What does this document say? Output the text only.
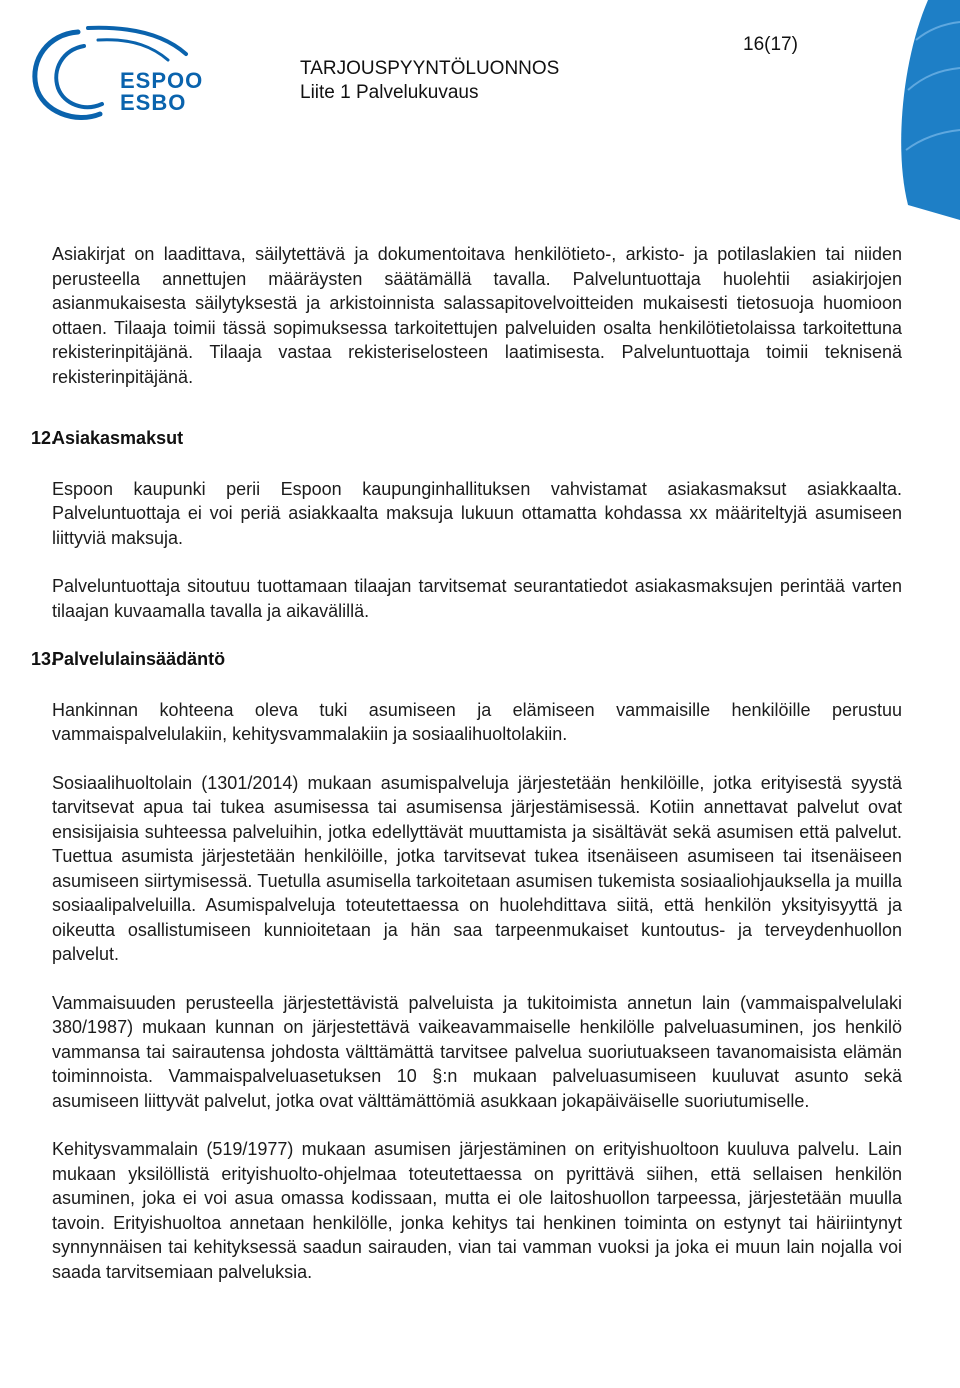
ESPOO
ESBO
TARJOUSPYYNTÖLUONNOS
Liite 1 Palvelukuvaus
16(17)

Asiakirjat on laadittava, säilytettävä ja dokumentoitava henkilötieto-, arkisto- ja potilaslakien tai niiden perusteella annettujen määräysten säätämällä tavalla. Palveluntuottaja huolehtii asiakirjojen asianmukaisesta säilytyksestä ja arkistoinnista salassapitovelvoitteiden mukaisesti tietosuoja huomioon ottaen. Tilaaja toimii tässä sopimuksessa tarkoitettujen palveluiden osalta henkilötietolaissa tarkoitettuna rekisterinpitäjänä. Tilaaja vastaa rekisteriselosteen laatimisesta. Palveluntuottaja toimii teknisenä rekisterinpitäjänä.

12.
Asiakasmaksut

Espoon kaupunki perii Espoon kaupunginhallituksen vahvistamat asiakasmaksut asiakkaalta. Palveluntuottaja ei voi periä asiakkaalta maksuja lukuun ottamatta kohdassa xx määriteltyjä asumiseen liittyviä maksuja.

Palveluntuottaja sitoutuu tuottamaan tilaajan tarvitsemat seurantatiedot asiakasmaksujen perintää varten tilaajan kuvaamalla tavalla ja aikavälillä.

13.
Palvelulainsäädäntö

Hankinnan kohteena oleva tuki asumiseen ja elämiseen vammaisille henkilöille perustuu vammaispalvelulakiin, kehitysvammalakiin ja sosiaalihuoltolakiin.

Sosiaalihuoltolain (1301/2014) mukaan asumispalveluja järjestetään henkilöille, jotka erityisestä syystä tarvitsevat apua tai tukea asumisessa tai asumisensa järjestämisessä. Kotiin annettavat palvelut ovat ensisijaisia suhteessa palveluihin, jotka edellyttävät muuttamista ja sisältävät sekä asumisen että palvelut. Tuettua asumista järjestetään henkilöille, jotka tarvitsevat tukea itsenäiseen asumiseen tai itsenäiseen asumiseen siirtymisessä. Tuetulla asumisella tarkoitetaan asumisen tukemista sosiaaliohjauksella ja muilla sosiaalipalveluilla. Asumispalveluja toteutettaessa on huolehdittava siitä, että henkilön yksityisyyttä ja oikeutta osallistumiseen kunnioitetaan ja hän saa tarpeenmukaiset kuntoutus- ja terveydenhuollon palvelut.

Vammaisuuden perusteella järjestettävistä palveluista ja tukitoimista annetun lain (vammaispalvelulaki 380/1987) mukaan kunnan on järjestettävä vaikeavammaiselle henkilölle palveluasuminen, jos henkilö vammansa tai sairautensa johdosta välttämättä tarvitsee palvelua suoriutuakseen tavanomaisista elämän toiminnoista. Vammaispalveluasetuksen 10 §:n mukaan palveluasumiseen kuuluvat asunto sekä asumiseen liittyvät palvelut, jotka ovat välttämättömiä asukkaan jokapäiväiselle suoriutumiselle.

Kehitysvammalain (519/1977) mukaan asumisen järjestäminen on erityishuoltoon kuuluva palvelu. Lain mukaan yksilöllistä erityishuolto-ohjelmaa toteutettaessa on pyrittävä siihen, että sellaisen henkilön asuminen, joka ei voi asua omassa kodissaan, mutta ei ole laitoshuollon tarpeessa, järjestetään muulla tavoin. Erityishuoltoa annetaan henkilölle, jonka kehitys tai henkinen toiminta on estynyt tai häiriintynyt synnynnäisen tai kehityksessä saadun sairauden, vian tai vamman vuoksi ja joka ei muun lain nojalla voi saada tarvitsemiaan palveluksia.
